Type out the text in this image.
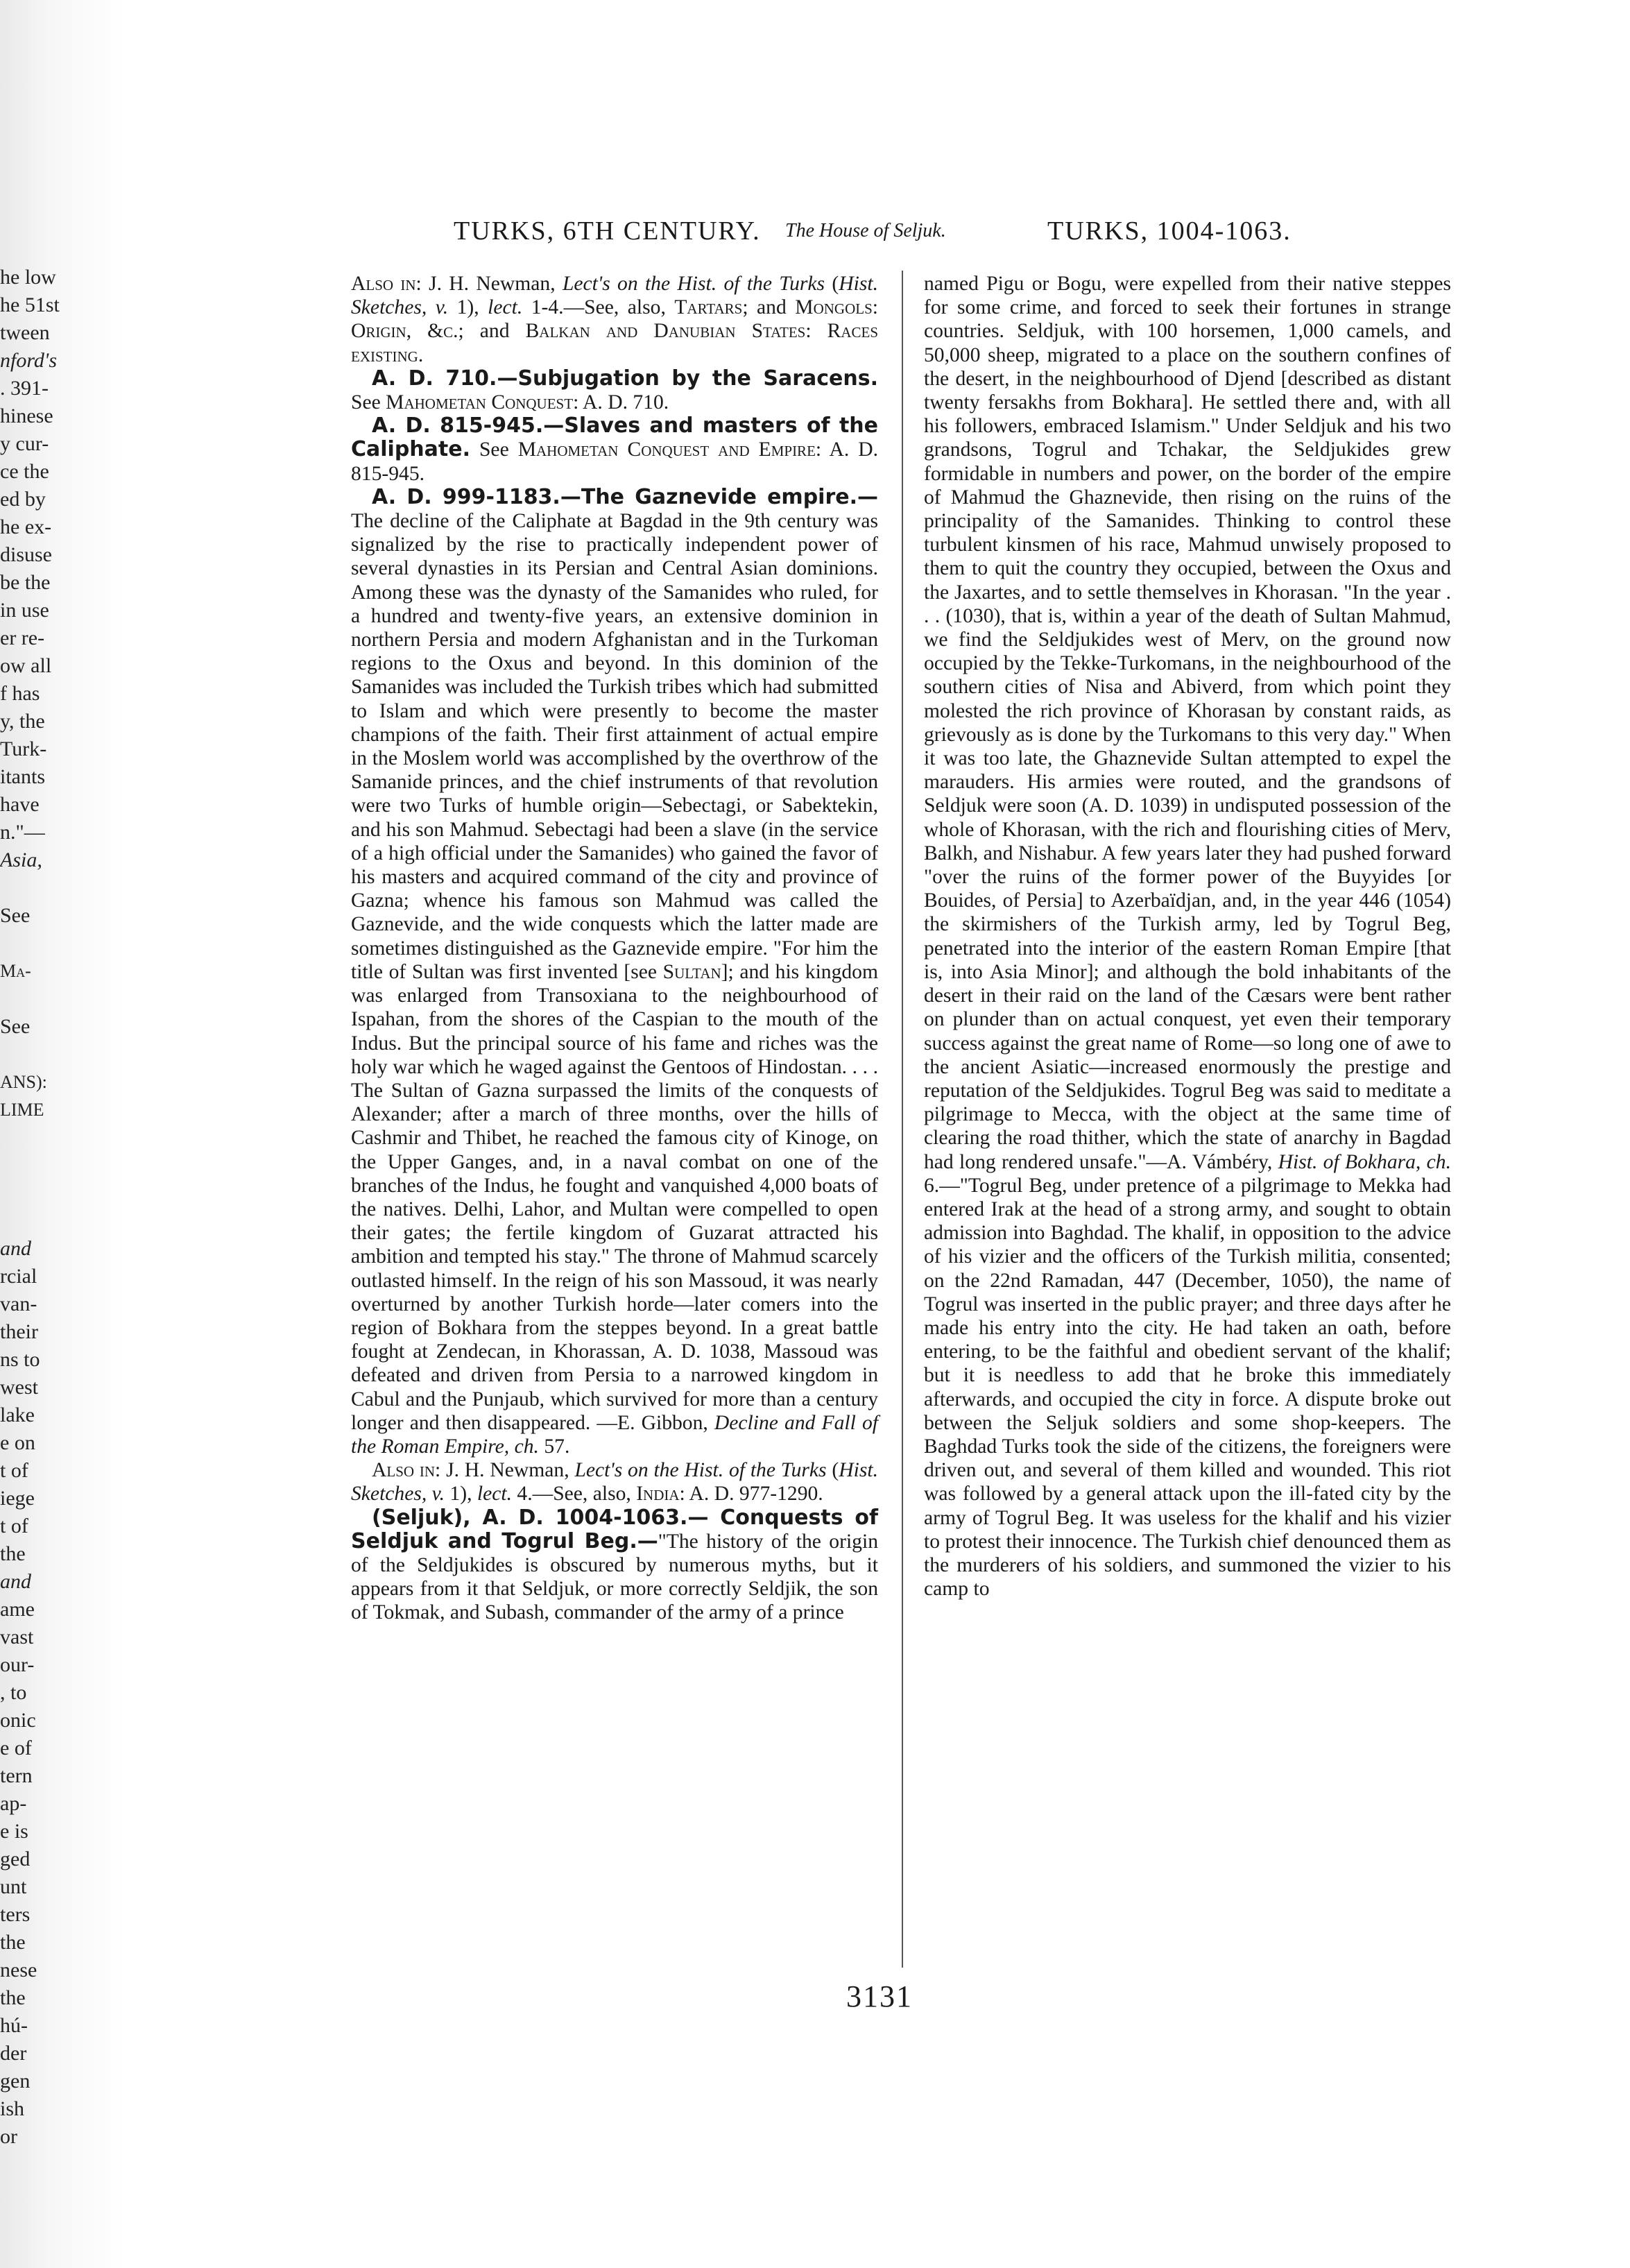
he low
he 51st
tween
nford's
. 391-
hinese
y cur-
ce the
ed by
he ex-
disuse
be the
in use
er re-
ow all
f has
y, the
Turk-
itants
have
n."—
Asia,
See
Ma-
See
ANS):
LIME
and
rcial
van-
their
ns to
west
lake
e on
t of
iege
t of
the
and
ame
vast
our-
, to
onic
e of
tern
ap-
e is
ged
unt
ters
the
nese
the
hú-
der
gen
ish
or
TURKS, 6TH CENTURY. The House of Seljuk.	TURKS, 1004-1063.

Also in: J. H. Newman, Lect's on the Hist. of the Turks (Hist. Sketches, v. 1), lect. 1-4.—See, also, Tartars; and Mongols: Origin, &c.; and Balkan and Danubian States: Races existing.

A. D. 710.—Subjugation by the Saracens. See Mahometan Conquest: A. D. 710.

A. D. 815-945.—Slaves and masters of the Caliphate. See Mahometan Conquest and Empire: A. D. 815-945.

A. D. 999-1183.—The Gaznevide empire.—The decline of the Caliphate at Bagdad in the 9th century was signalized by the rise to practically independent power of several dynasties in its Persian and Central Asian dominions. Among these was the dynasty of the Samanides who ruled, for a hundred and twenty-five years, an extensive dominion in northern Persia and modern Afghanistan and in the Turkoman regions to the Oxus and beyond. In this dominion of the Samanides was included the Turkish tribes which had submitted to Islam and which were presently to become the master champions of the faith. Their first attainment of actual empire in the Moslem world was accomplished by the overthrow of the Samanide princes, and the chief instruments of that revolution were two Turks of humble origin—Sebectagi, or Sabektekin, and his son Mahmud. Sebectagi had been a slave (in the service of a high official under the Samanides) who gained the favor of his masters and acquired command of the city and province of Gazna; whence his famous son Mahmud was called the Gaznevide, and the wide conquests which the latter made are sometimes distinguished as the Gaznevide empire. "For him the title of Sultan was first invented [see Sultan]; and his kingdom was enlarged from Transoxiana to the neighbourhood of Ispahan, from the shores of the Caspian to the mouth of the Indus. But the principal source of his fame and riches was the holy war which he waged against the Gentoos of Hindostan. . . . The Sultan of Gazna surpassed the limits of the conquests of Alexander; after a march of three months, over the hills of Cashmir and Thibet, he reached the famous city of Kinoge, on the Upper Ganges, and, in a naval combat on one of the branches of the Indus, he fought and vanquished 4,000 boats of the natives. Delhi, Lahor, and Multan were compelled to open their gates; the fertile kingdom of Guzarat attracted his ambition and tempted his stay." The throne of Mahmud scarcely outlasted himself. In the reign of his son Massoud, it was nearly overturned by another Turkish horde—later comers into the region of Bokhara from the steppes beyond. In a great battle fought at Zendecan, in Khorassan, A. D. 1038, Massoud was defeated and driven from Persia to a narrowed kingdom in Cabul and the Punjaub, which survived for more than a century longer and then disappeared. —E. Gibbon, Decline and Fall of the Roman Empire, ch. 57.

Also in: J. H. Newman, Lect's on the Hist. of the Turks (Hist. Sketches, v. 1), lect. 4.—See, also, India: A. D. 977-1290.

(Seljuk), A. D. 1004-1063.— Conquests of Seldjuk and Togrul Beg.—"The history of the origin of the Seldjukides is obscured by numerous myths, but it appears from it that Seldjuk, or more correctly Seldjik, the son of Tokmak, and Subash, commander of the army of a prince

named Pigu or Bogu, were expelled from their native steppes for some crime, and forced to seek their fortunes in strange countries. Seldjuk, with 100 horsemen, 1,000 camels, and 50,000 sheep, migrated to a place on the southern confines of the desert, in the neighbourhood of Djend [described as distant twenty fersakhs from Bokhara]. He settled there and, with all his followers, embraced Islamism." Under Seldjuk and his two grandsons, Togrul and Tchakar, the Seldjukides grew formidable in numbers and power, on the border of the empire of Mahmud the Ghaznevide, then rising on the ruins of the principality of the Samanides. Thinking to control these turbulent kinsmen of his race, Mahmud unwisely proposed to them to quit the country they occupied, between the Oxus and the Jaxartes, and to settle themselves in Khorasan. "In the year . . . (1030), that is, within a year of the death of Sultan Mahmud, we find the Seldjukides west of Merv, on the ground now occupied by the Tekke-Turkomans, in the neighbourhood of the southern cities of Nisa and Abiverd, from which point they molested the rich province of Khorasan by constant raids, as grievously as is done by the Turkomans to this very day." When it was too late, the Ghaznevide Sultan attempted to expel the marauders. His armies were routed, and the grandsons of Seldjuk were soon (A. D. 1039) in undisputed possession of the whole of Khorasan, with the rich and flourishing cities of Merv, Balkh, and Nishabur. A few years later they had pushed forward "over the ruins of the former power of the Buyyides [or Bouides, of Persia] to Azerbaïdjan, and, in the year 446 (1054) the skirmishers of the Turkish army, led by Togrul Beg, penetrated into the interior of the eastern Roman Empire [that is, into Asia Minor]; and although the bold inhabitants of the desert in their raid on the land of the Cæsars were bent rather on plunder than on actual conquest, yet even their temporary success against the great name of Rome—so long one of awe to the ancient Asiatic—increased enormously the prestige and reputation of the Seldjukides. Togrul Beg was said to meditate a pilgrimage to Mecca, with the object at the same time of clearing the road thither, which the state of anarchy in Bagdad had long rendered unsafe."—A. Vámbéry, Hist. of Bokhara, ch. 6.—"Togrul Beg, under pretence of a pilgrimage to Mekka had entered Irak at the head of a strong army, and sought to obtain admission into Baghdad. The khalif, in opposition to the advice of his vizier and the officers of the Turkish militia, consented; on the 22nd Ramadan, 447 (December, 1050), the name of Togrul was inserted in the public prayer; and three days after he made his entry into the city. He had taken an oath, before entering, to be the faithful and obedient servant of the khalif; but it is needless to add that he broke this immediately afterwards, and occupied the city in force. A dispute broke out between the Seljuk soldiers and some shop-keepers. The Baghdad Turks took the side of the citizens, the foreigners were driven out, and several of them killed and wounded. This riot was followed by a general attack upon the ill-fated city by the army of Togrul Beg. It was useless for the khalif and his vizier to protest their innocence. The Turkish chief denounced them as the murderers of his soldiers, and summoned the vizier to his camp to

3131
